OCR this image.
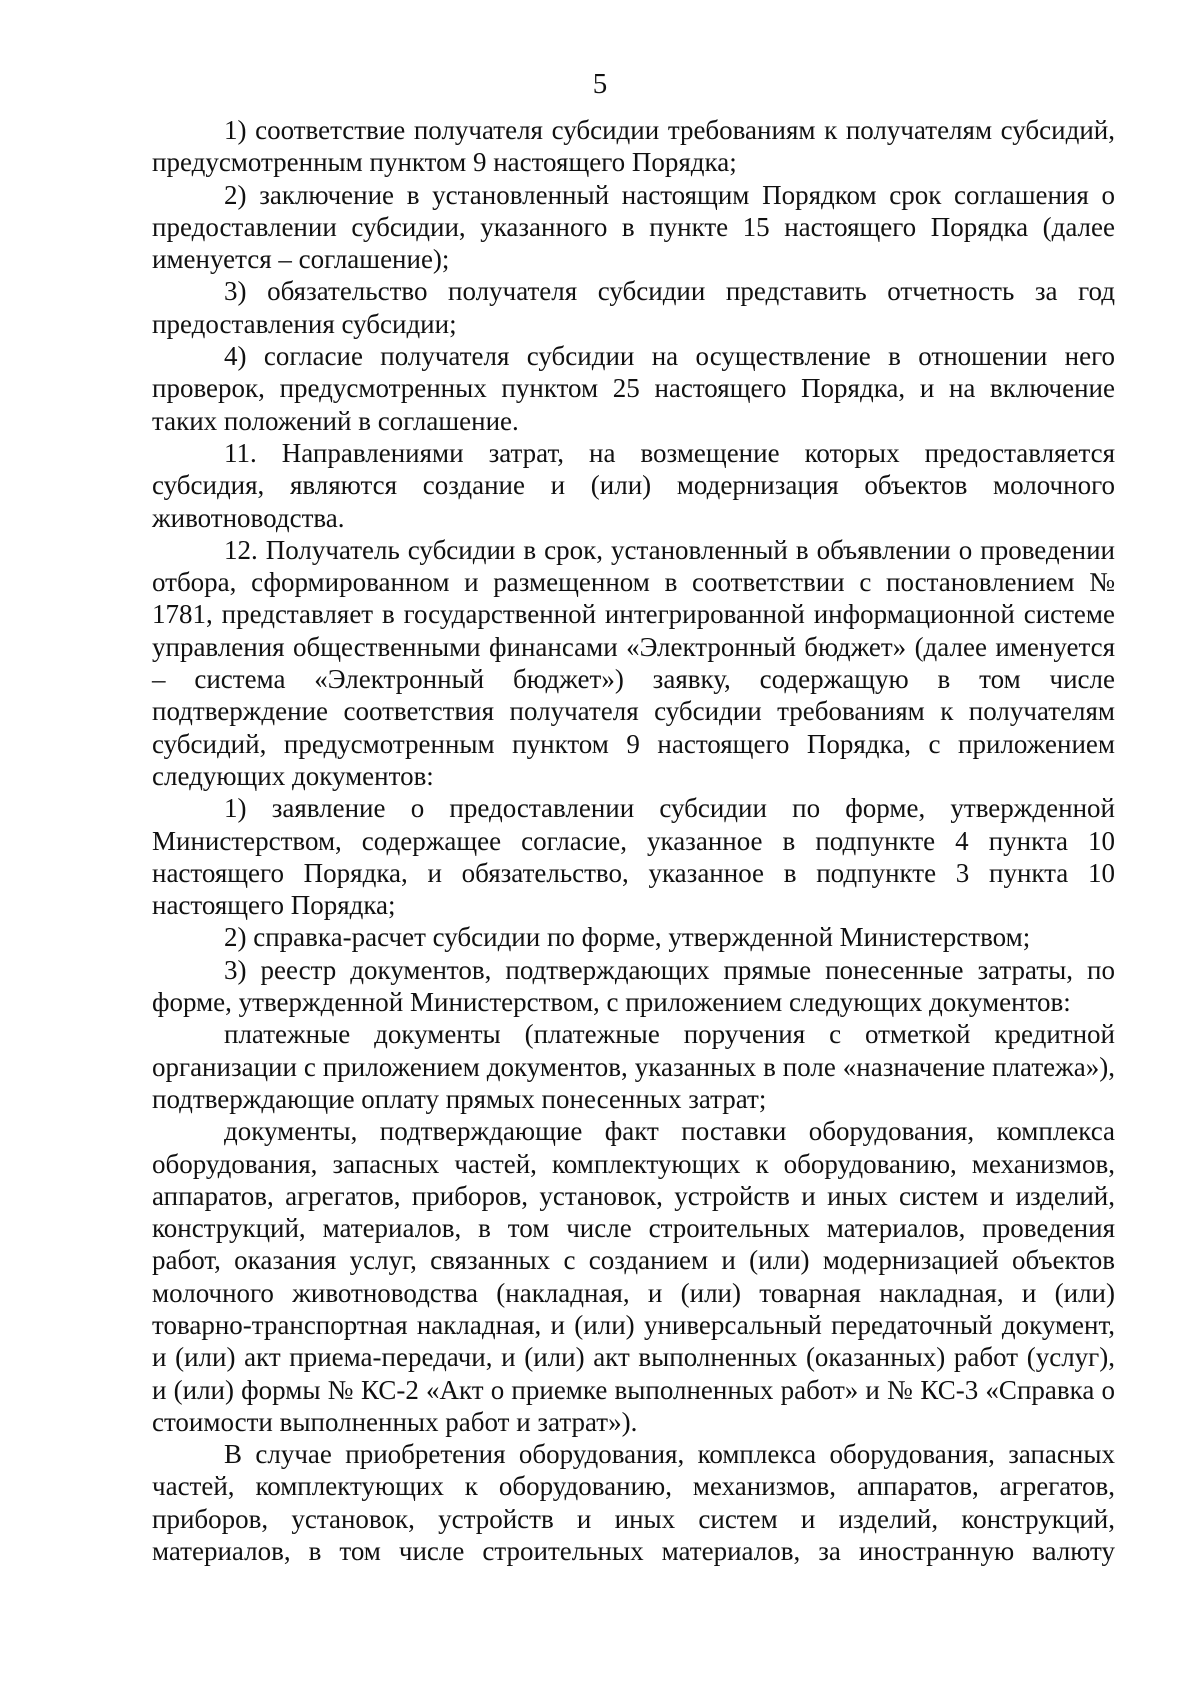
5

1) соответствие получателя субсидии требованиям к получателям субсидий, предусмотренным пунктом 9 настоящего Порядка;

2) заключение в установленный настоящим Порядком срок соглашения о предоставлении субсидии, указанного в пункте 15 настоящего Порядка (далее именуется – соглашение);

3) обязательство получателя субсидии представить отчетность за год предоставления субсидии;

4) согласие получателя субсидии на осуществление в отношении него проверок, предусмотренных пунктом 25 настоящего Порядка, и на включение таких положений в соглашение.

11. Направлениями затрат, на возмещение которых предоставляется субсидия, являются создание и (или) модернизация объектов молочного животноводства.

12. Получатель субсидии в срок, установленный в объявлении о проведении отбора, сформированном и размещенном в соответствии с постановлением № 1781, представляет в государственной интегрированной информационной системе управления общественными финансами «Электронный бюджет» (далее именуется – система «Электронный бюджет») заявку, содержащую в том числе подтверждение соответствия получателя субсидии требованиям к получателям субсидий, предусмотренным пунктом 9 настоящего Порядка, с приложением следующих документов:

1) заявление о предоставлении субсидии по форме, утвержденной Министерством, содержащее согласие, указанное в подпункте 4 пункта 10 настоящего Порядка, и обязательство, указанное в подпункте 3 пункта 10 настоящего Порядка;

2) справка-расчет субсидии по форме, утвержденной Министерством;

3) реестр документов, подтверждающих прямые понесенные затраты, по форме, утвержденной Министерством, с приложением следующих документов:

платежные документы (платежные поручения с отметкой кредитной организации с приложением документов, указанных в поле «назначение платежа»), подтверждающие оплату прямых понесенных затрат;

документы, подтверждающие факт поставки оборудования, комплекса оборудования, запасных частей, комплектующих к оборудованию, механизмов, аппаратов, агрегатов, приборов, установок, устройств и иных систем и изделий, конструкций, материалов, в том числе строительных материалов, проведения работ, оказания услуг, связанных с созданием и (или) модернизацией объектов молочного животноводства (накладная, и (или) товарная накладная, и (или) товарно-транспортная накладная, и (или) универсальный передаточный документ, и (или) акт приема-передачи, и (или) акт выполненных (оказанных) работ (услуг), и (или) формы № КС-2 «Акт о приемке выполненных работ» и № КС-3 «Справка о стоимости выполненных работ и затрат»).

В случае приобретения оборудования, комплекса оборудования, запасных частей, комплектующих к оборудованию, механизмов, аппаратов, агрегатов, приборов, установок, устройств и иных систем и изделий, конструкций, материалов, в том числе строительных материалов, за иностранную валюту
